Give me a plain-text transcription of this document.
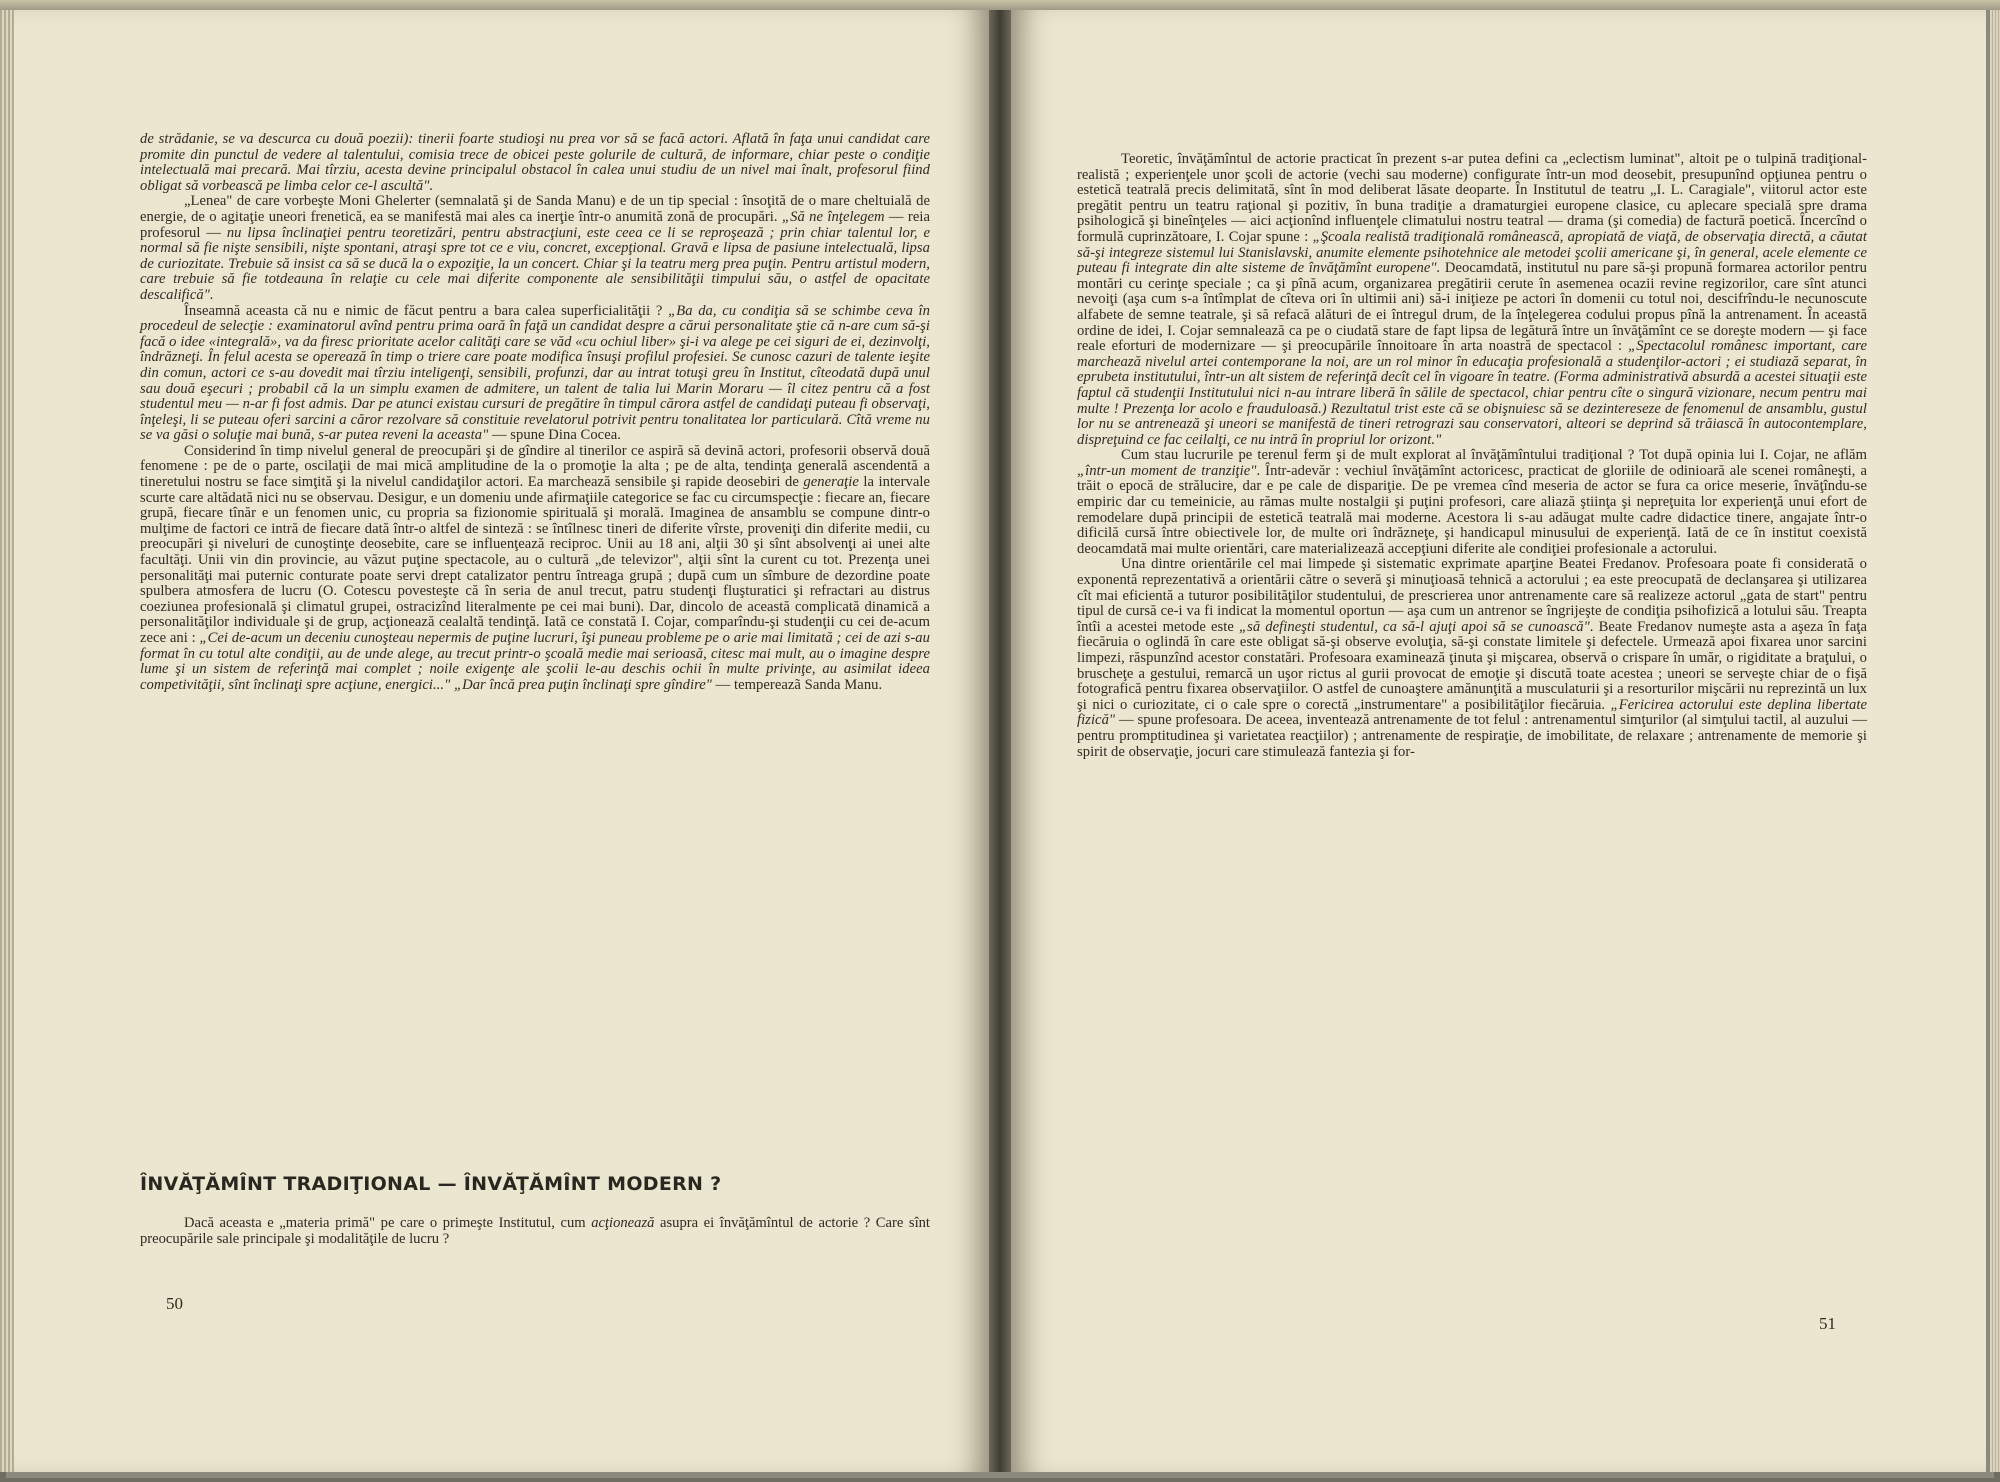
de strădanie, se va descurca cu două poezii): tinerii foarte studioşi nu prea vor să se facă actori. Aflată în faţa unui candidat care promite din punctul de vedere al talentului, comisia trece de obicei peste golurile de cultură, de informare, chiar peste o condiţie intelectuală mai precară. Mai tîrziu, acesta devine principalul obstacol în calea unui studiu de un nivel mai înalt, profesorul fiind obligat să vorbească pe limba celor ce-l ascultă".

„Lenea" de care vorbeşte Moni Ghelerter (semnalată şi de Sanda Manu) e de un tip special : însoţită de o mare cheltuială de energie, de o agitaţie uneori frenetică, ea se manifestă mai ales ca inerţie într-o anumită zonă de procupări. „Să ne înţelegem — reia profesorul — nu lipsa înclinaţiei pentru teoretizări, pentru abstracţiuni, este ceea ce li se reproşează ; prin chiar talentul lor, e normal să fie nişte sensibili, nişte spontani, atraşi spre tot ce e viu, concret, excepţional. Gravă e lipsa de pasiune intelectuală, lipsa de curiozitate. Trebuie să insist ca să se ducă la o expoziţie, la un concert. Chiar şi la teatru merg prea puţin. Pentru artistul modern, care trebuie să fie totdeauna în relaţie cu cele mai diferite componente ale sensibilităţii timpului său, o astfel de opacitate descalifică".

Înseamnă aceasta că nu e nimic de făcut pentru a bara calea superficialităţii ? „Ba da, cu condiţia să se schimbe ceva în procedeul de selecţie : examinatorul avînd pentru prima oară în faţă un candidat despre a cărui personalitate ştie că n-are cum să-şi facă o idee «integrală», va da firesc prioritate acelor calităţi care se văd «cu ochiul liber» şi-i va alege pe cei siguri de ei, dezinvolţi, îndrăzneţi. În felul acesta se operează în timp o triere care poate modifica însuşi profilul profesiei. Se cunosc cazuri de talente ieşite din comun, actori ce s-au dovedit mai tîrziu inteligenţi, sensibili, profunzi, dar au intrat totuşi greu în Institut, cîteodată după unul sau două eşecuri ; probabil că la un simplu examen de admitere, un talent de talia lui Marin Moraru — îl citez pentru că a fost studentul meu — n-ar fi fost admis. Dar pe atunci existau cursuri de pregătire în timpul cărora astfel de candidaţi puteau fi observaţi, înţeleşi, li se puteau oferi sarcini a căror rezolvare să constituie revelatorul potrivit pentru tonalitatea lor particulară. Cîtă vreme nu se va găsi o soluţie mai bună, s-ar putea reveni la aceasta" — spune Dina Cocea.

Considerind în timp nivelul general de preocupări şi de gîndire al tinerilor ce aspiră să devină actori, profesorii observă două fenomene : pe de o parte, oscilaţii de mai mică amplitudine de la o promoţie la alta ; pe de alta, tendinţa generală ascendentă a tineretului nostru se face simţită şi la nivelul candidaţilor actori. Ea marchează sensibile şi rapide deosebiri de generaţie la intervale scurte care altădată nici nu se observau. Desigur, e un domeniu unde afirmaţiile categorice se fac cu circumspecţie : fiecare an, fiecare grupă, fiecare tînăr e un fenomen unic, cu propria sa fizionomie spirituală şi morală. Imaginea de ansamblu se compune dintr-o mulţime de factori ce intră de fiecare dată într-o altfel de sinteză : se întîlnesc tineri de diferite vîrste, proveniţi din diferite medii, cu preocupări şi niveluri de cunoştinţe deosebite, care se influenţează reciproc. Unii au 18 ani, alţii 30 şi sînt absolvenţi ai unei alte facultăţi. Unii vin din provincie, au văzut puţine spectacole, au o cultură „de televizor", alţii sînt la curent cu tot. Prezenţa unei personalităţi mai puternic conturate poate servi drept catalizator pentru întreaga grupă ; după cum un sîmbure de dezordine poate spulbera atmosfera de lucru (O. Cotescu povesteşte că în seria de anul trecut, patru studenţi fluşturatici şi refractari au distrus coeziunea profesională şi climatul grupei, ostracizînd literalmente pe cei mai buni). Dar, dincolo de această complicată dinamică a personalităţilor individuale şi de grup, acţionează cealaltă tendinţă. Iată ce constată I. Cojar, comparîndu-şi studenţii cu cei de-acum zece ani : „Cei de-acum un deceniu cunoşteau nepermis de puţine lucruri, îşi puneau probleme pe o arie mai limitată ; cei de azi s-au format în cu totul alte condiţii, au de unde alege, au trecut printr-o şcoală medie mai serioasă, citesc mai mult, au o imagine despre lume şi un sistem de referinţă mai complet ; noile exigenţe ale şcolii le-au deschis ochii în multe privinţe, au asimilat ideea competivităţii, sînt înclinaţi spre acţiune, energici..." „Dar încă prea puţin înclinaţi spre gîndire" — tempereazã Sanda Manu.

ÎNVĂŢĂMÎNT TRADIŢIONAL — ÎNVĂŢĂMÎNT MODERN ?

Dacă aceasta e „materia primă" pe care o primeşte Institutul, cum acţionează asupra ei învăţămîntul de actorie ? Care sînt preocupările sale principale şi modalităţile de lucru ?

50

Teoretic, învăţămîntul de actorie practicat în prezent s-ar putea defini ca „eclectism luminat", altoit pe o tulpină tradiţional-realistă ; experienţele unor şcoli de actorie (vechi sau moderne) configurate într-un mod deosebit, presupunînd opţiunea pentru o estetică teatrală precis delimitată, sînt în mod deliberat lăsate deoparte. În Institutul de teatru „I. L. Caragiale", viitorul actor este pregătit pentru un teatru raţional şi pozitiv, în buna tradiţie a dramaturgiei europene clasice, cu aplecare specială spre drama psihologică şi bineînţeles — aici acţionînd influenţele climatului nostru teatral — drama (şi comedia) de factură poetică. Încercînd o formulă cuprinzătoare, I. Cojar spune : „Şcoala realistă tradiţională românească, apropiată de viaţă, de observaţia directă, a căutat să-şi integreze sistemul lui Stanislavski, anumite elemente psihotehnice ale metodei şcolii americane şi, în general, acele elemente ce puteau fi integrate din alte sisteme de învăţămînt europene". Deocamdată, institutul nu pare să-şi propună formarea actorilor pentru montări cu cerinţe speciale ; ca şi pînă acum, organizarea pregătirii cerute în asemenea ocazii revine regizorilor, care sînt atunci nevoiţi (aşa cum s-a întîmplat de cîteva ori în ultimii ani) să-i iniţieze pe actori în domenii cu totul noi, descifrîndu-le necunoscute alfabete de semne teatrale, şi să refacă alături de ei întregul drum, de la înţelegerea codului propus pînă la antrenament. În această ordine de idei, I. Cojar semnalează ca pe o ciudată stare de fapt lipsa de legătură între un învăţămînt ce se doreşte modern — şi face reale eforturi de modernizare — şi preocupările înnoitoare în arta noastră de spectacol : „Spectacolul românesc important, care marchează nivelul artei contemporane la noi, are un rol minor în educaţia profesională a studenţilor-actori ; ei studiază separat, în eprubeta institutului, într-un alt sistem de referinţă decît cel în vigoare în teatre. (Forma administrativă absurdă a acestei situaţii este faptul că studenţii Institutului nici n-au intrare liberă în sălile de spectacol, chiar pentru cîte o singură vizionare, necum pentru mai multe ! Prezenţa lor acolo e frauduloasă.) Rezultatul trist este că se obişnuiesc să se dezintereseze de fenomenul de ansamblu, gustul lor nu se antrenează şi uneori se manifestă de tineri retrograzi sau conservatori, alteori se deprind să trăiască în autocontemplare, dispreţuind ce fac ceilalţi, ce nu intră în propriul lor orizont."

Cum stau lucrurile pe terenul ferm şi de mult explorat al învăţămîntului tradiţional ? Tot după opinia lui I. Cojar, ne aflăm „într-un moment de tranziţie". Într-adevăr : vechiul învăţămînt actoricesc, practicat de gloriile de odinioară ale scenei româneşti, a trăit o epocă de strălucire, dar e pe cale de dispariţie. De pe vremea cînd meseria de actor se fura ca orice meserie, învăţîndu-se empiric dar cu temeinicie, au rămas multe nostalgii şi puţini profesori, care aliază ştiinţa şi nepreţuita lor experienţă unui efort de remodelare după principii de estetică teatrală mai moderne. Acestora li s-au adăugat multe cadre didactice tinere, angajate într-o dificilă cursă între obiectivele lor, de multe ori îndrăzneţe, şi handicapul minusului de experienţă. Iată de ce în institut coexistă deocamdată mai multe orientări, care materializează accepţiuni diferite ale condiţiei profesionale a actorului.

Una dintre orientările cel mai limpede şi sistematic exprimate aparţine Beatei Fredanov. Profesoara poate fi considerată o exponentă reprezentativă a orientării către o severă şi minuţioasă tehnică a actorului ; ea este preocupată de declanşarea şi utilizarea cît mai eficientă a tuturor posibilităţilor studentului, de prescrierea unor antrenamente care să realizeze actorul „gata de start" pentru tipul de cursă ce-i va fi indicat la momentul oportun — aşa cum un antrenor se îngrijeşte de condiţia psihofizică a lotului său. Treapta întîi a acestei metode este „să defineşti studentul, ca să-l ajuţi apoi să se cunoască". Beate Fredanov numeşte asta a aşeza în faţa fiecăruia o oglindă în care este obligat să-şi observe evoluţia, să-şi constate limitele şi defectele. Urmează apoi fixarea unor sarcini limpezi, răspunzînd acestor constatări. Profesoara examinează ţinuta şi mişcarea, observă o crispare în umăr, o rigiditate a braţului, o bruscheţe a gestului, remarcă un uşor rictus al gurii provocat de emoţie şi discută toate acestea ; uneori se serveşte chiar de o fişă fotografică pentru fixarea observaţiilor. O astfel de cunoaştere amănunţită a musculaturii şi a resorturilor mişcării nu reprezintă un lux şi nici o curiozitate, ci o cale spre o corectă „instrumentare" a posibilităţilor fiecăruia. „Fericirea actorului este deplina libertate fizică" — spune profesoara. De aceea, inventează antrenamente de tot felul : antrenamentul simţurilor (al simţului tactil, al auzului — pentru promptitudinea şi varietatea reacţiilor) ; antrenamente de respiraţie, de imobilitate, de relaxare ; antrenamente de memorie şi spirit de observaţie, jocuri care stimulează fantezia şi for-

51
